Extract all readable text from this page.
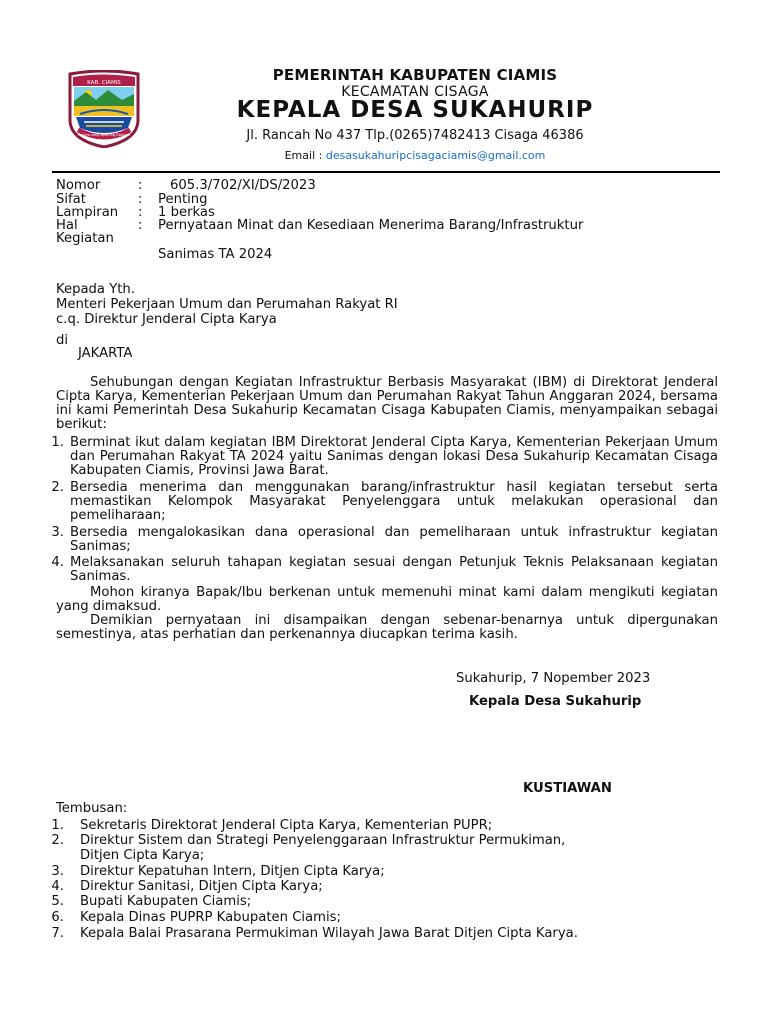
KAB. CIAMIS
Rahayuning Ayuning Rahayu
PEMERINTAH KABUPATEN CIAMIS
KECAMATAN CISAGA
KEPALA DESA SUKAHURIP
Jl. Rancah No 437 Tlp.(0265)7482413 Cisaga 46386
Email : desasukahuripcisagaciamis@gmail.com
Nomor	:	605.3/702/XI/DS/2023
Sifat	:	Penting
Lampiran	:	1 berkas
Hal	:	Pernyataan Minat dan Kesediaan Menerima Barang/Infrastruktur
Kegiatan
Sanimas TA 2024
Kepada Yth.
Menteri Pekerjaan Umum dan Perumahan Rakyat RI
c.q. Direktur Jenderal Cipta Karya
di
JAKARTA
Sehubungan dengan Kegiatan Infrastruktur Berbasis Masyarakat (IBM) di Direktorat Jenderal Cipta Karya, Kementerian Pekerjaan Umum dan Perumahan Rakyat Tahun Anggaran 2024, bersama ini kami Pemerintah Desa Sukahurip Kecamatan Cisaga Kabupaten Ciamis, menyampaikan sebagai berikut:
1. Berminat ikut dalam kegiatan IBM Direktorat Jenderal Cipta Karya, Kementerian Pekerjaan Umum dan Perumahan Rakyat TA 2024 yaitu Sanimas dengan lokasi Desa Sukahurip Kecamatan Cisaga Kabupaten Ciamis, Provinsi Jawa Barat.
2. Bersedia menerima dan menggunakan barang/infrastruktur hasil kegiatan tersebut serta memastikan Kelompok Masyarakat Penyelenggara untuk melakukan operasional dan pemeliharaan;
3. Bersedia mengalokasikan dana operasional dan pemeliharaan untuk infrastruktur kegiatan Sanimas;
4. Melaksanakan seluruh tahapan kegiatan sesuai dengan Petunjuk Teknis Pelaksanaan kegiatan Sanimas.
Mohon kiranya Bapak/Ibu berkenan untuk memenuhi minat kami dalam mengikuti kegiatan yang dimaksud.
Demikian pernyataan ini disampaikan dengan sebenar-benarnya untuk dipergunakan semestinya, atas perhatian dan perkenannya diucapkan terima kasih.
Sukahurip, 7 Nopember 2023
Kepala Desa Sukahurip
KUSTIAWAN
Tembusan:
1. Sekretaris Direktorat Jenderal Cipta Karya, Kementerian PUPR;
2. Direktur Sistem dan Strategi Penyelenggaraan Infrastruktur Permukiman,
Ditjen Cipta Karya;
3. Direktur Kepatuhan Intern, Ditjen Cipta Karya;
4. Direktur Sanitasi, Ditjen Cipta Karya;
5. Bupati Kabupaten Ciamis;
6. Kepala Dinas PUPRP Kabupaten Ciamis;
7. Kepala Balai Prasarana Permukiman Wilayah Jawa Barat Ditjen Cipta Karya.
